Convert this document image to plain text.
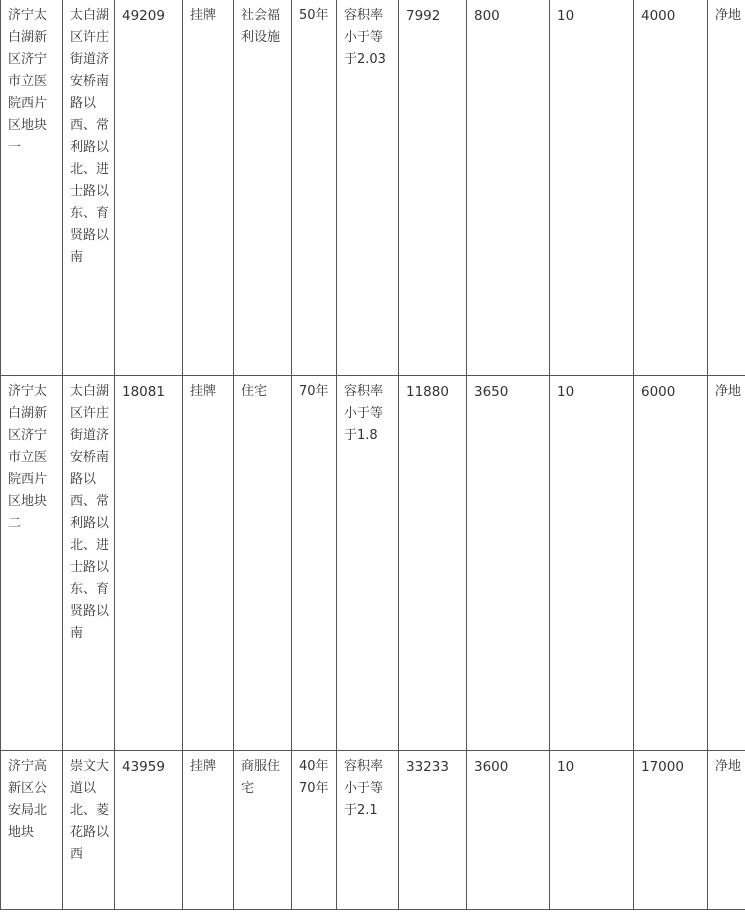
济宁太白湖新区济宁市立医院西片区地块一	太白湖区许庄街道济安桥南路以西、常利路以北、进士路以东、育贤路以南	49209	挂牌	社会福利设施	50年	容积率小于等于2.03	7992	800	10	4000	净地
济宁太白湖新区济宁市立医院西片区地块二	太白湖区许庄街道济安桥南路以西、常利路以北、进士路以东、育贤路以南	18081	挂牌	住宅	70年	容积率小于等于1.8	11880	3650	10	6000	净地
济宁高新区公安局北地块	崇文大道以北、菱花路以西	43959	挂牌	商服住宅	40年70年	容积率小于等于2.1	33233	3600	10	17000	净地
